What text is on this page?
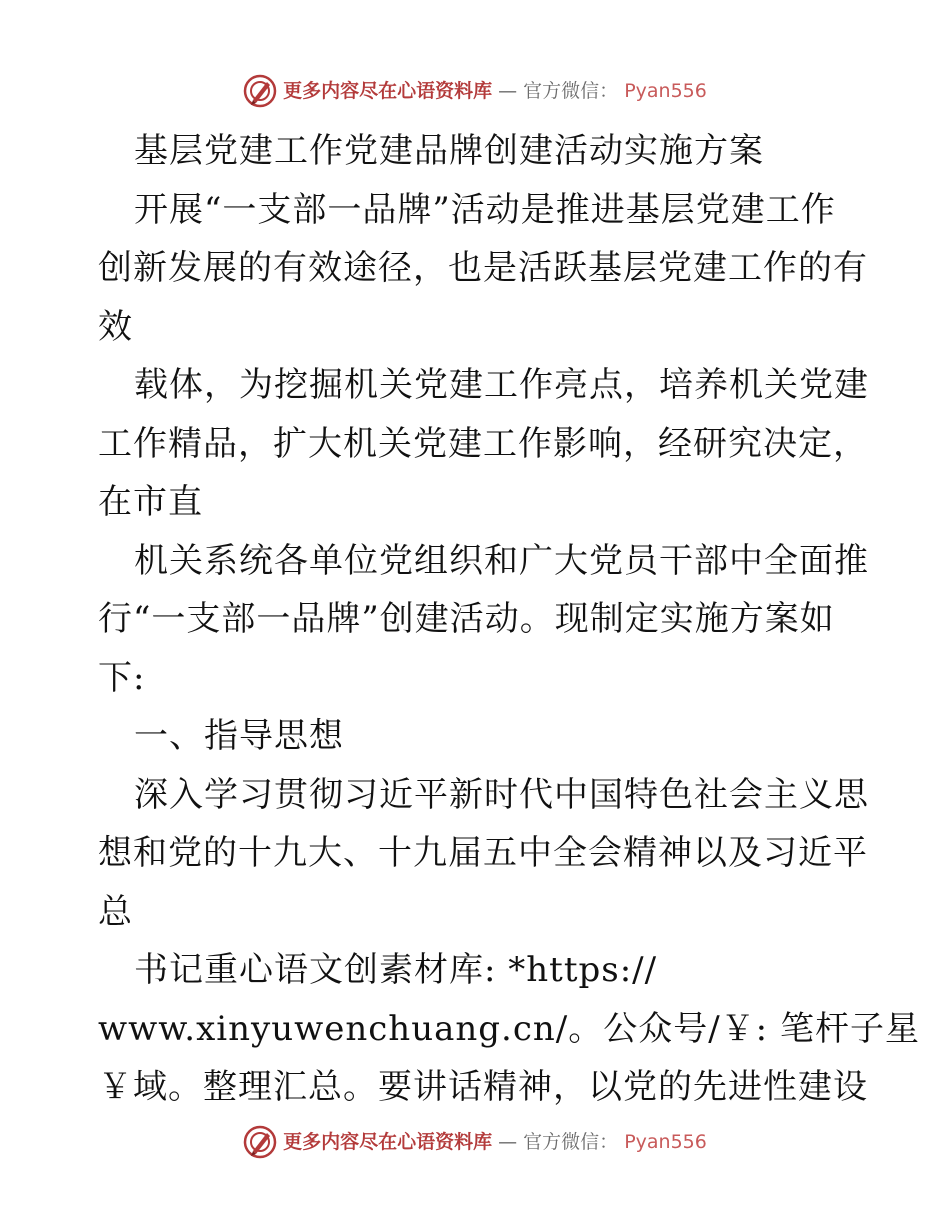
更多内容尽在心语资料库 — 官方微信： Pyan556
基层党建工作党建品牌创建活动实施方案
开展“一支部一品牌”活动是推进基层党建工作
创新发展的有效途径，也是活跃基层党建工作的有
效
载体，为挖掘机关党建工作亮点，培养机关党建
工作精品，扩大机关党建工作影响，经研究决定，
在市直
机关系统各单位党组织和广大党员干部中全面推
行“一支部一品牌”创建活动。现制定实施方案如
下:
一、指导思想
深入学习贯彻习近平新时代中国特色社会主义思
想和党的十九大、十九届五中全会精神以及习近平
总
书记重心语文创素材库: *https://
www.xinyuwenchuang.cn/。公众号/￥: 笔杆子星
￥域。整理汇总。要讲话精神，以党的先进性建设
更多内容尽在心语资料库 — 官方微信： Pyan556
